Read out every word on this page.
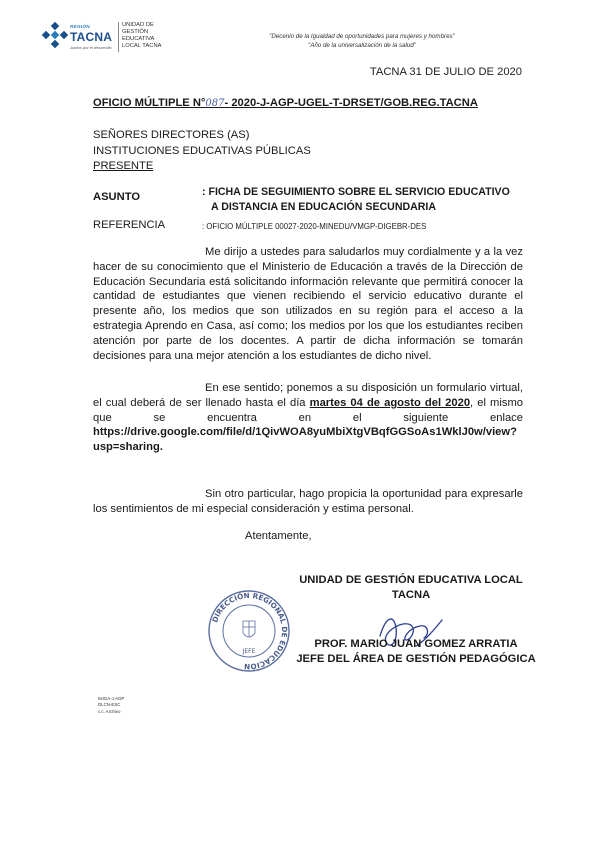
REGIÓN
TACNA
Juntos por el desarrollo
UNIDAD DE
GESTIÓN
EDUCATIVA
LOCAL TACNA
"Decenio de la Igualdad de oportunidades para mujeres y hombres"
"Año de la universalización de la salud"
TACNA 31 DE JULIO DE 2020
OFICIO MÚLTIPLE N°087- 2020-J-AGP-UGEL-T-DRSET/GOB.REG.TACNA
SEÑORES DIRECTORES (AS)
INSTITUCIONES EDUCATIVAS PÚBLICAS
PRESENTE
ASUNTO	: FICHA DE SEGUIMIENTO SOBRE EL SERVICIO EDUCATIVO
A DISTANCIA EN EDUCACIÓN SECUNDARIA
REFERENCIA	: OFICIO MÚLTIPLE 00027-2020-MINEDU/VMGP-DIGEBR-DES
Me dirijo a ustedes para saludarlos muy cordialmente y a la vez hacer de su conocimiento que el Ministerio de Educación a través de la Dirección de Educación Secundaria está solicitando información relevante que permitirá conocer la cantidad de estudiantes que vienen recibiendo el servicio educativo durante el presente año, los medios que son utilizados en su región para el acceso a la estrategia Aprendo en Casa, así como; los medios por los que los estudiantes reciben atención por parte de los docentes. A partir de dicha información se tomarán decisiones para una mejor atención a los estudiantes de dicho nivel.
En ese sentido; ponemos a su disposición un formulario virtual, el cual deberá de ser llenado hasta el día martes 04 de agosto del 2020, el mismo que se encuentra en el siguiente enlace https://drive.google.com/file/d/1QivWOA8yuMbiXtgVBqfGGSoAs1WklJ0w/view?usp=sharing.
Sin otro particular, hago propicia la oportunidad para expresarle los sentimientos de mi especial consideración y estima personal.
Atentamente,
UNIDAD DE GESTIÓN EDUCATIVA LOCAL
TACNA
DIRECCIÓN REGIONAL DE EDUCACIÓN
JEFE
PROF. MARIO JUAN GOMEZ ARRATIA
JEFE DEL ÁREA DE GESTIÓN PEDAGÓGICA
MJGA-J.AGP
DLCN-ESC
c.c. Archivo
